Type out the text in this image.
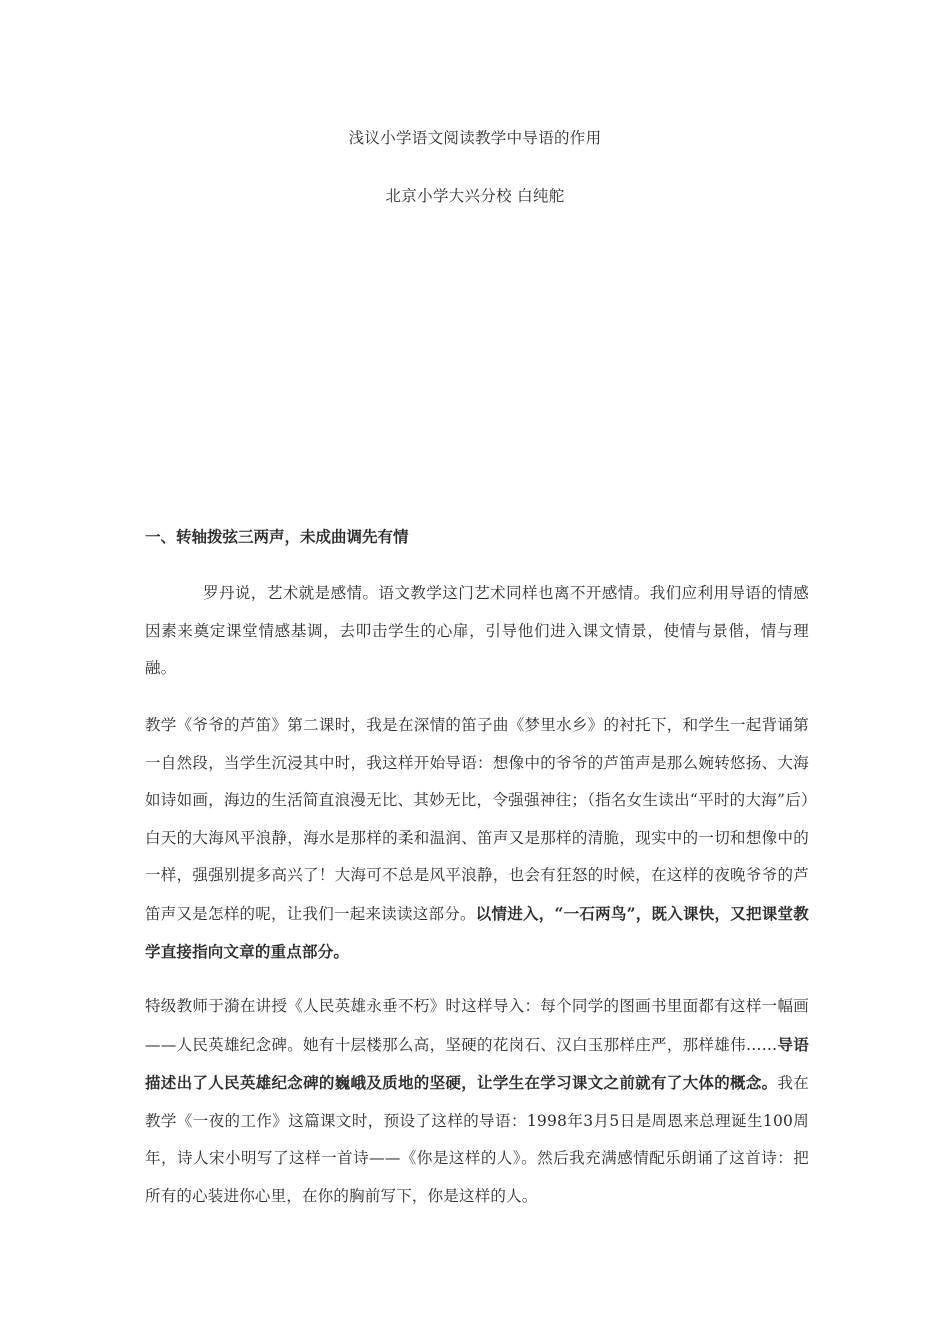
浅议小学语文阅读教学中导语的作用
北京小学大兴分校 白纯舵
一、转轴拨弦三两声，未成曲调先有情
罗丹说，艺术就是感情。语文教学这门艺术同样也离不开感情。我们应利用导语的情感因素来奠定课堂情感基调，去叩击学生的心扉，引导他们进入课文情景，使情与景偕，情与理融。
教学《爷爷的芦笛》第二课时，我是在深情的笛子曲《梦里水乡》的衬托下，和学生一起背诵第一自然段，当学生沉浸其中时，我这样开始导语：想像中的爷爷的芦笛声是那么婉转悠扬、大海如诗如画，海边的生活简直浪漫无比、其妙无比，令强强神往；（指名女生读出“平时的大海”后）白天的大海风平浪静，海水是那样的柔和温润、笛声又是那样的清脆，现实中的一切和想像中的一样，强强别提多高兴了！大海可不总是风平浪静，也会有狂怒的时候，在这样的夜晚爷爷的芦笛声又是怎样的呢，让我们一起来读读这部分。以情进入，“一石两鸟”，既入课快，又把课堂教学直接指向文章的重点部分。
特级教师于漪在讲授《人民英雄永垂不朽》时这样导入：每个同学的图画书里面都有这样一幅画——人民英雄纪念碑。她有十层楼那么高，坚硬的花岗石、汉白玉那样庄严，那样雄伟……导语描述出了人民英雄纪念碑的巍峨及质地的坚硬，让学生在学习课文之前就有了大体的概念。我在教学《一夜的工作》这篇课文时，预设了这样的导语：1998年3月5日是周恩来总理诞生100周年，诗人宋小明写了这样一首诗——《你是这样的人》。然后我充满感情配乐朗诵了这首诗：把所有的心装进你心里，在你的胸前写下，你是这样的人。
